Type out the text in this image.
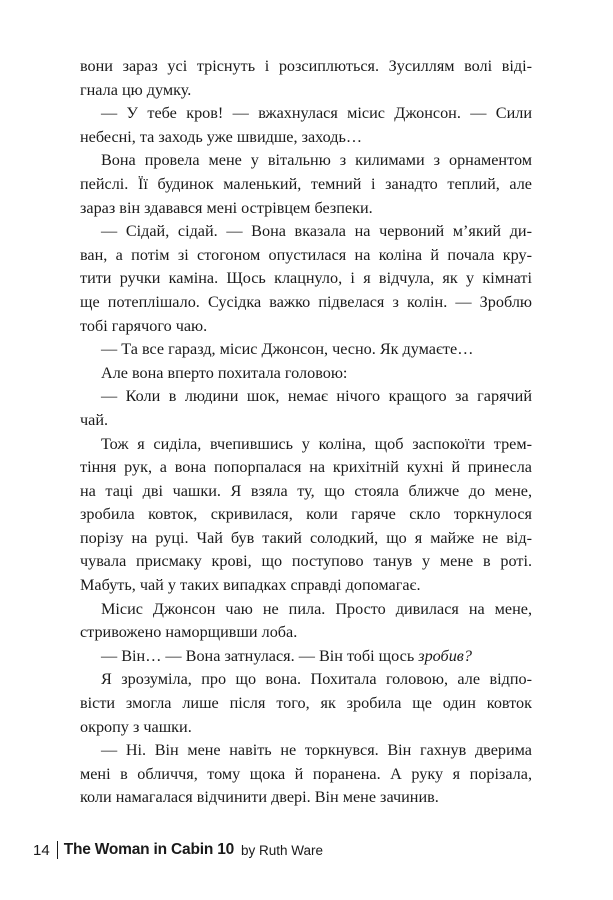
вони зараз усі тріснуть і розсиплються. Зусиллям волі віді-
гнала цю думку.
— У тебе кров! — вжахнулася місис Джонсон. — Сили
небесні, та заходь уже швидше, заходь…
Вона провела мене у вітальню з килимами з орнаментом
пейслі. Її будинок маленький, темний і занадто теплий, але
зараз він здавався мені острівцем безпеки.
— Сідай, сідай. — Вона вказала на червоний м’який ди-
ван, а потім зі стогоном опустилася на коліна й почала кру-
тити ручки каміна. Щось клацнуло, і я відчула, як у кімнаті
ще потеплішало. Сусідка важко підвелася з колін. — Зроблю
тобі гарячого чаю.
— Та все гаразд, місис Джонсон, чесно. Як думаєте…
Але вона вперто похитала головою:
— Коли в людини шок, немає нічого кращого за гарячий
чай.
Тож я сиділа, вчепившись у коліна, щоб заспокоїти трем-
тіння рук, а вона попорпалася на крихітній кухні й принесла
на таці дві чашки. Я взяла ту, що стояла ближче до мене,
зробила ковток, скривилася, коли гаряче скло торкнулося
порізу на руці. Чай був такий солодкий, що я майже не від-
чувала присмаку крові, що поступово танув у мене в роті.
Мабуть, чай у таких випадках справді допомагає.
Місис Джонсон чаю не пила. Просто дивилася на мене,
стривожено наморщивши лоба.
— Він… — Вона затнулася. — Він тобі щось зробив?
Я зрозуміла, про що вона. Похитала головою, але відпо-
вісти змогла лише після того, як зробила ще один ковток
окропу з чашки.
— Ні. Він мене навіть не торкнувся. Він гахнув дверима
мені в обличчя, тому щока й поранена. А руку я порізала,
коли намагалася відчинити двері. Він мене зачинив.
14 The Woman in Cabin 10 by Ruth Ware
